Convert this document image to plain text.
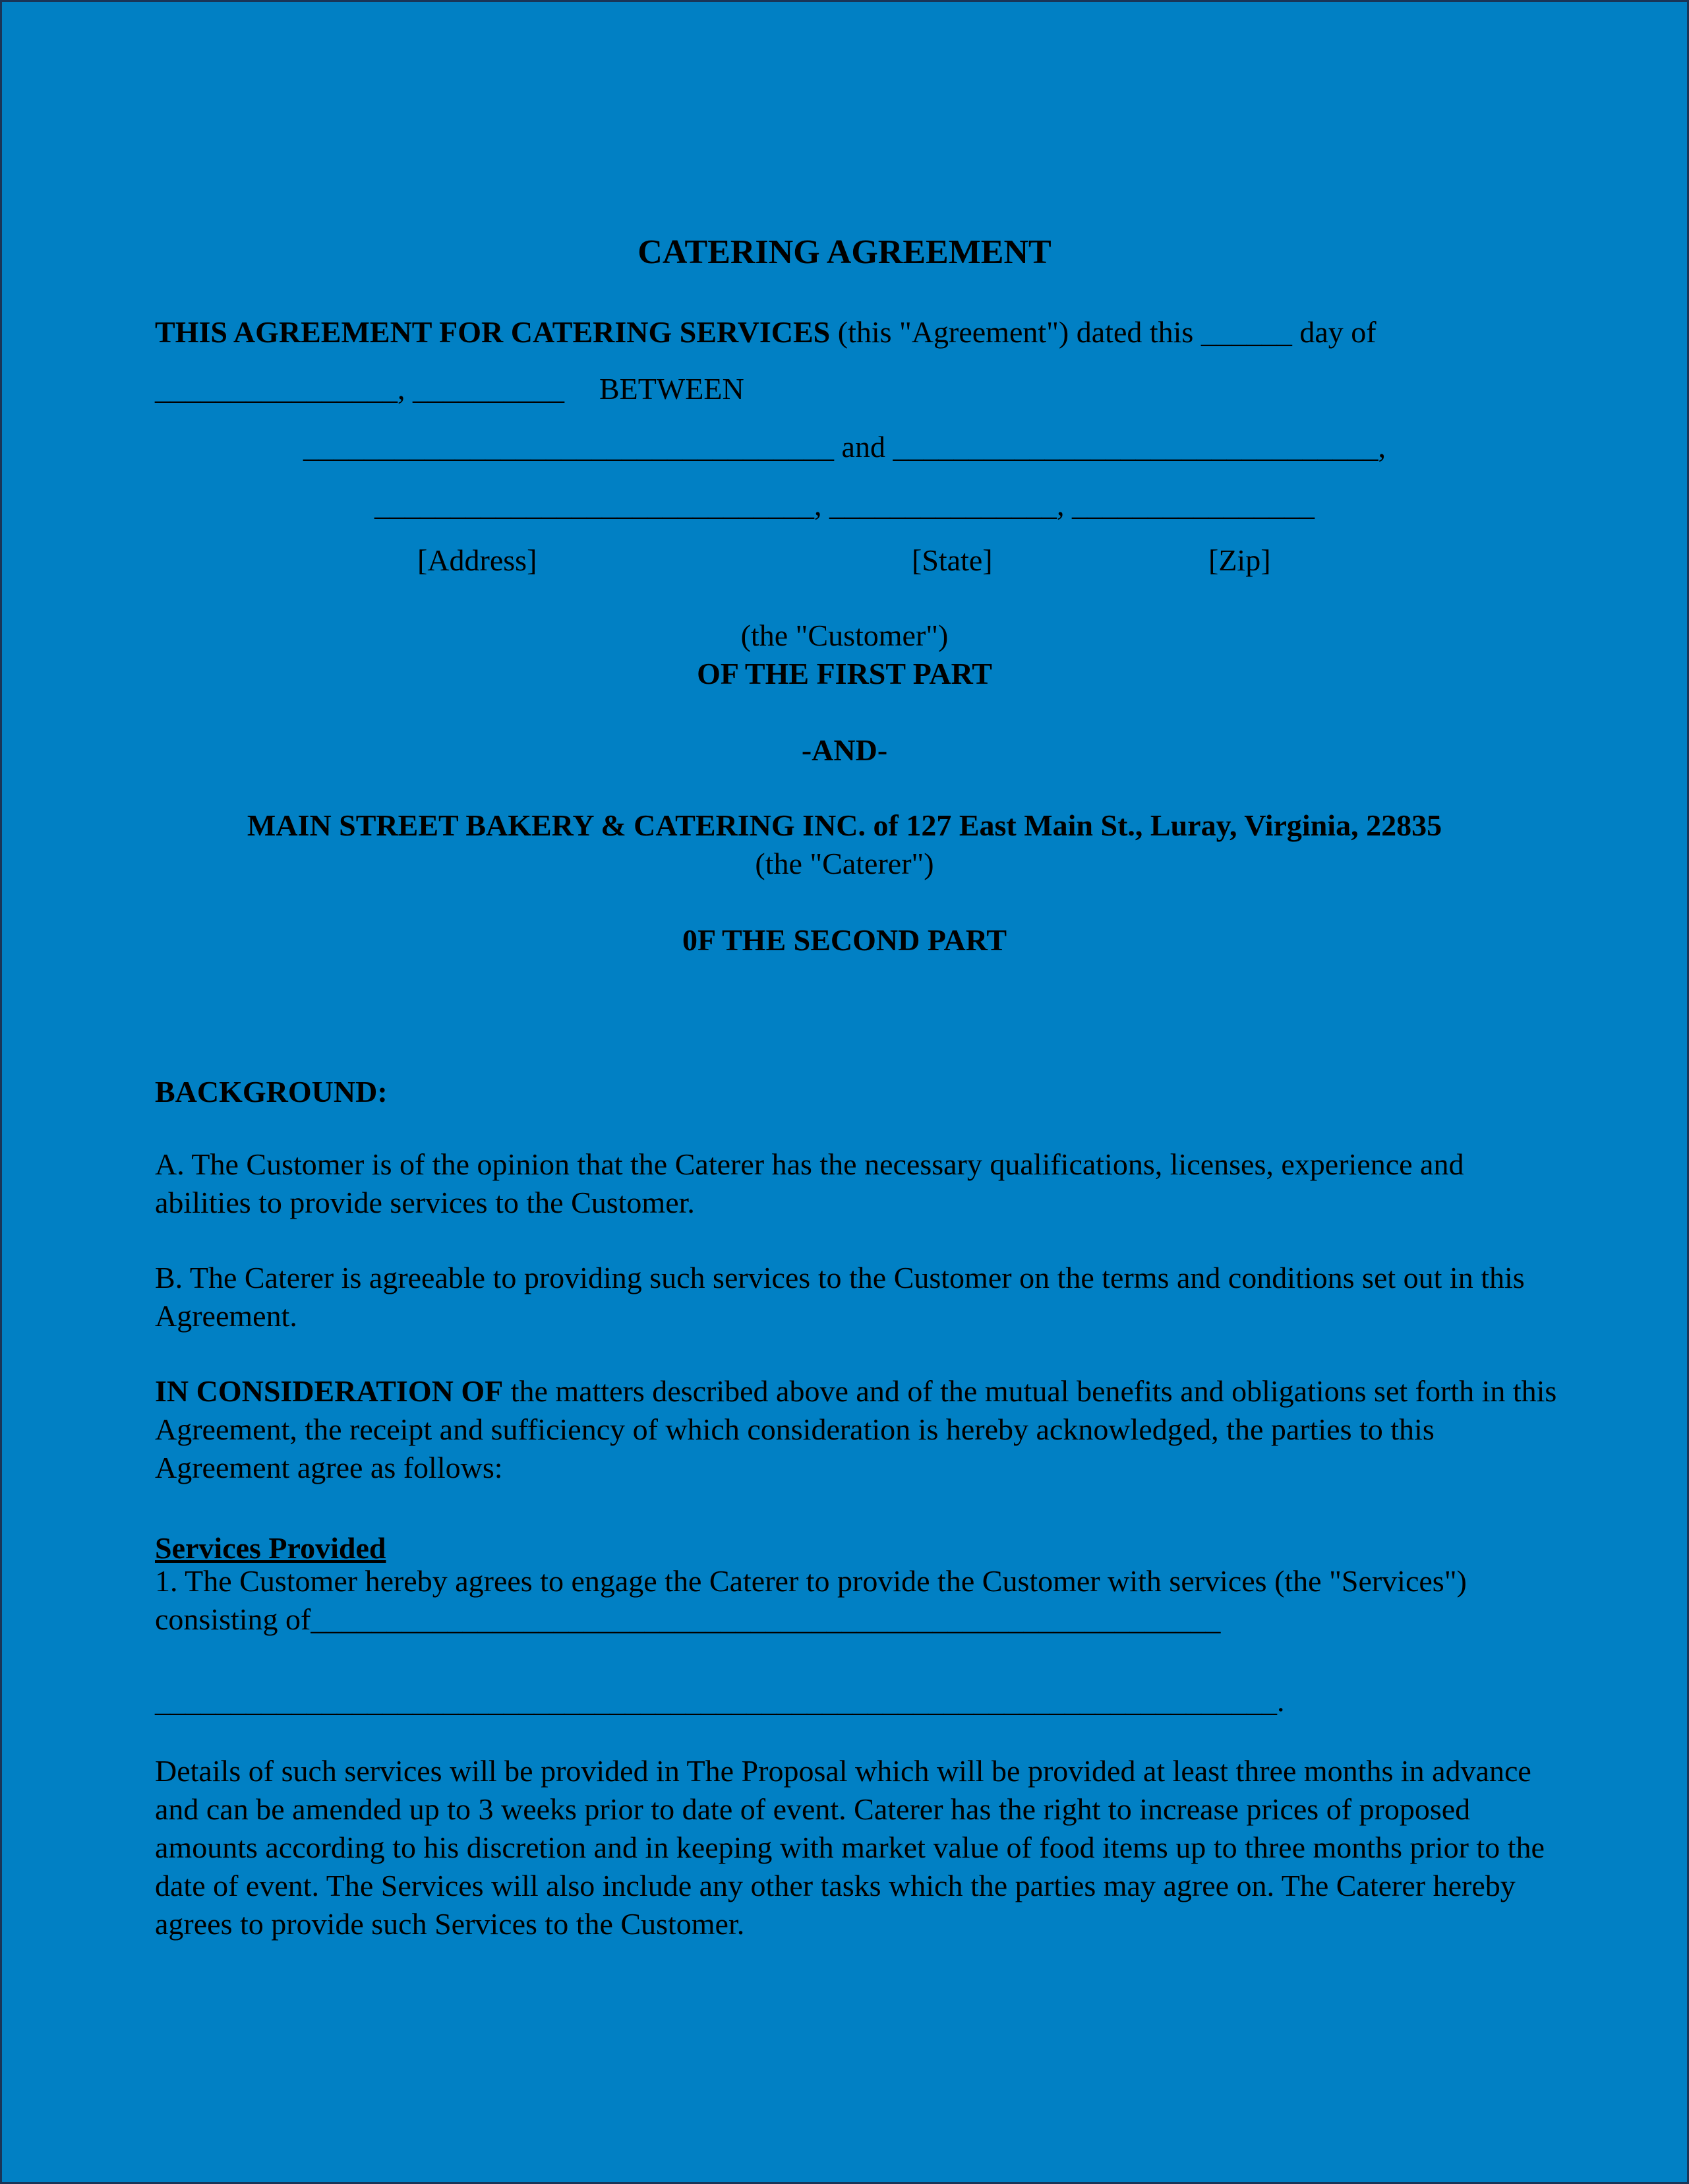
CATERING AGREEMENT
THIS AGREEMENT FOR CATERING SERVICES (this "Agreement") dated this ______ day of
________________, __________ BETWEEN
___________________________________ and ________________________________,
_____________________________, _______________, ________________
[Address]	[State]	[Zip]
(the "Customer")
OF THE FIRST PART
-AND-
MAIN STREET BAKERY & CATERING INC. of 127 East Main St., Luray, Virginia, 22835
(the "Caterer")
0F THE SECOND PART
BACKGROUND:
A. The Customer is of the opinion that the Caterer has the necessary qualifications, licenses, experience and abilities to provide services to the Customer.
B. The Caterer is agreeable to providing such services to the Customer on the terms and conditions set out in this Agreement.
IN CONSIDERATION OF the matters described above and of the mutual benefits and obligations set forth in this Agreement, the receipt and sufficiency of which consideration is hereby acknowledged, the parties to this Agreement agree as follows:
Services Provided
1. The Customer hereby agrees to engage the Caterer to provide the Customer with services (the "Services") consisting of____________________________________________________________
__________________________________________________________________________.
Details of such services will be provided in The Proposal which will be provided at least three months in advance and can be amended up to 3 weeks prior to date of event. Caterer has the right to increase prices of proposed amounts according to his discretion and in keeping with market value of food items up to three months prior to the date of event. The Services will also include any other tasks which the parties may agree on. The Caterer hereby agrees to provide such Services to the Customer.
